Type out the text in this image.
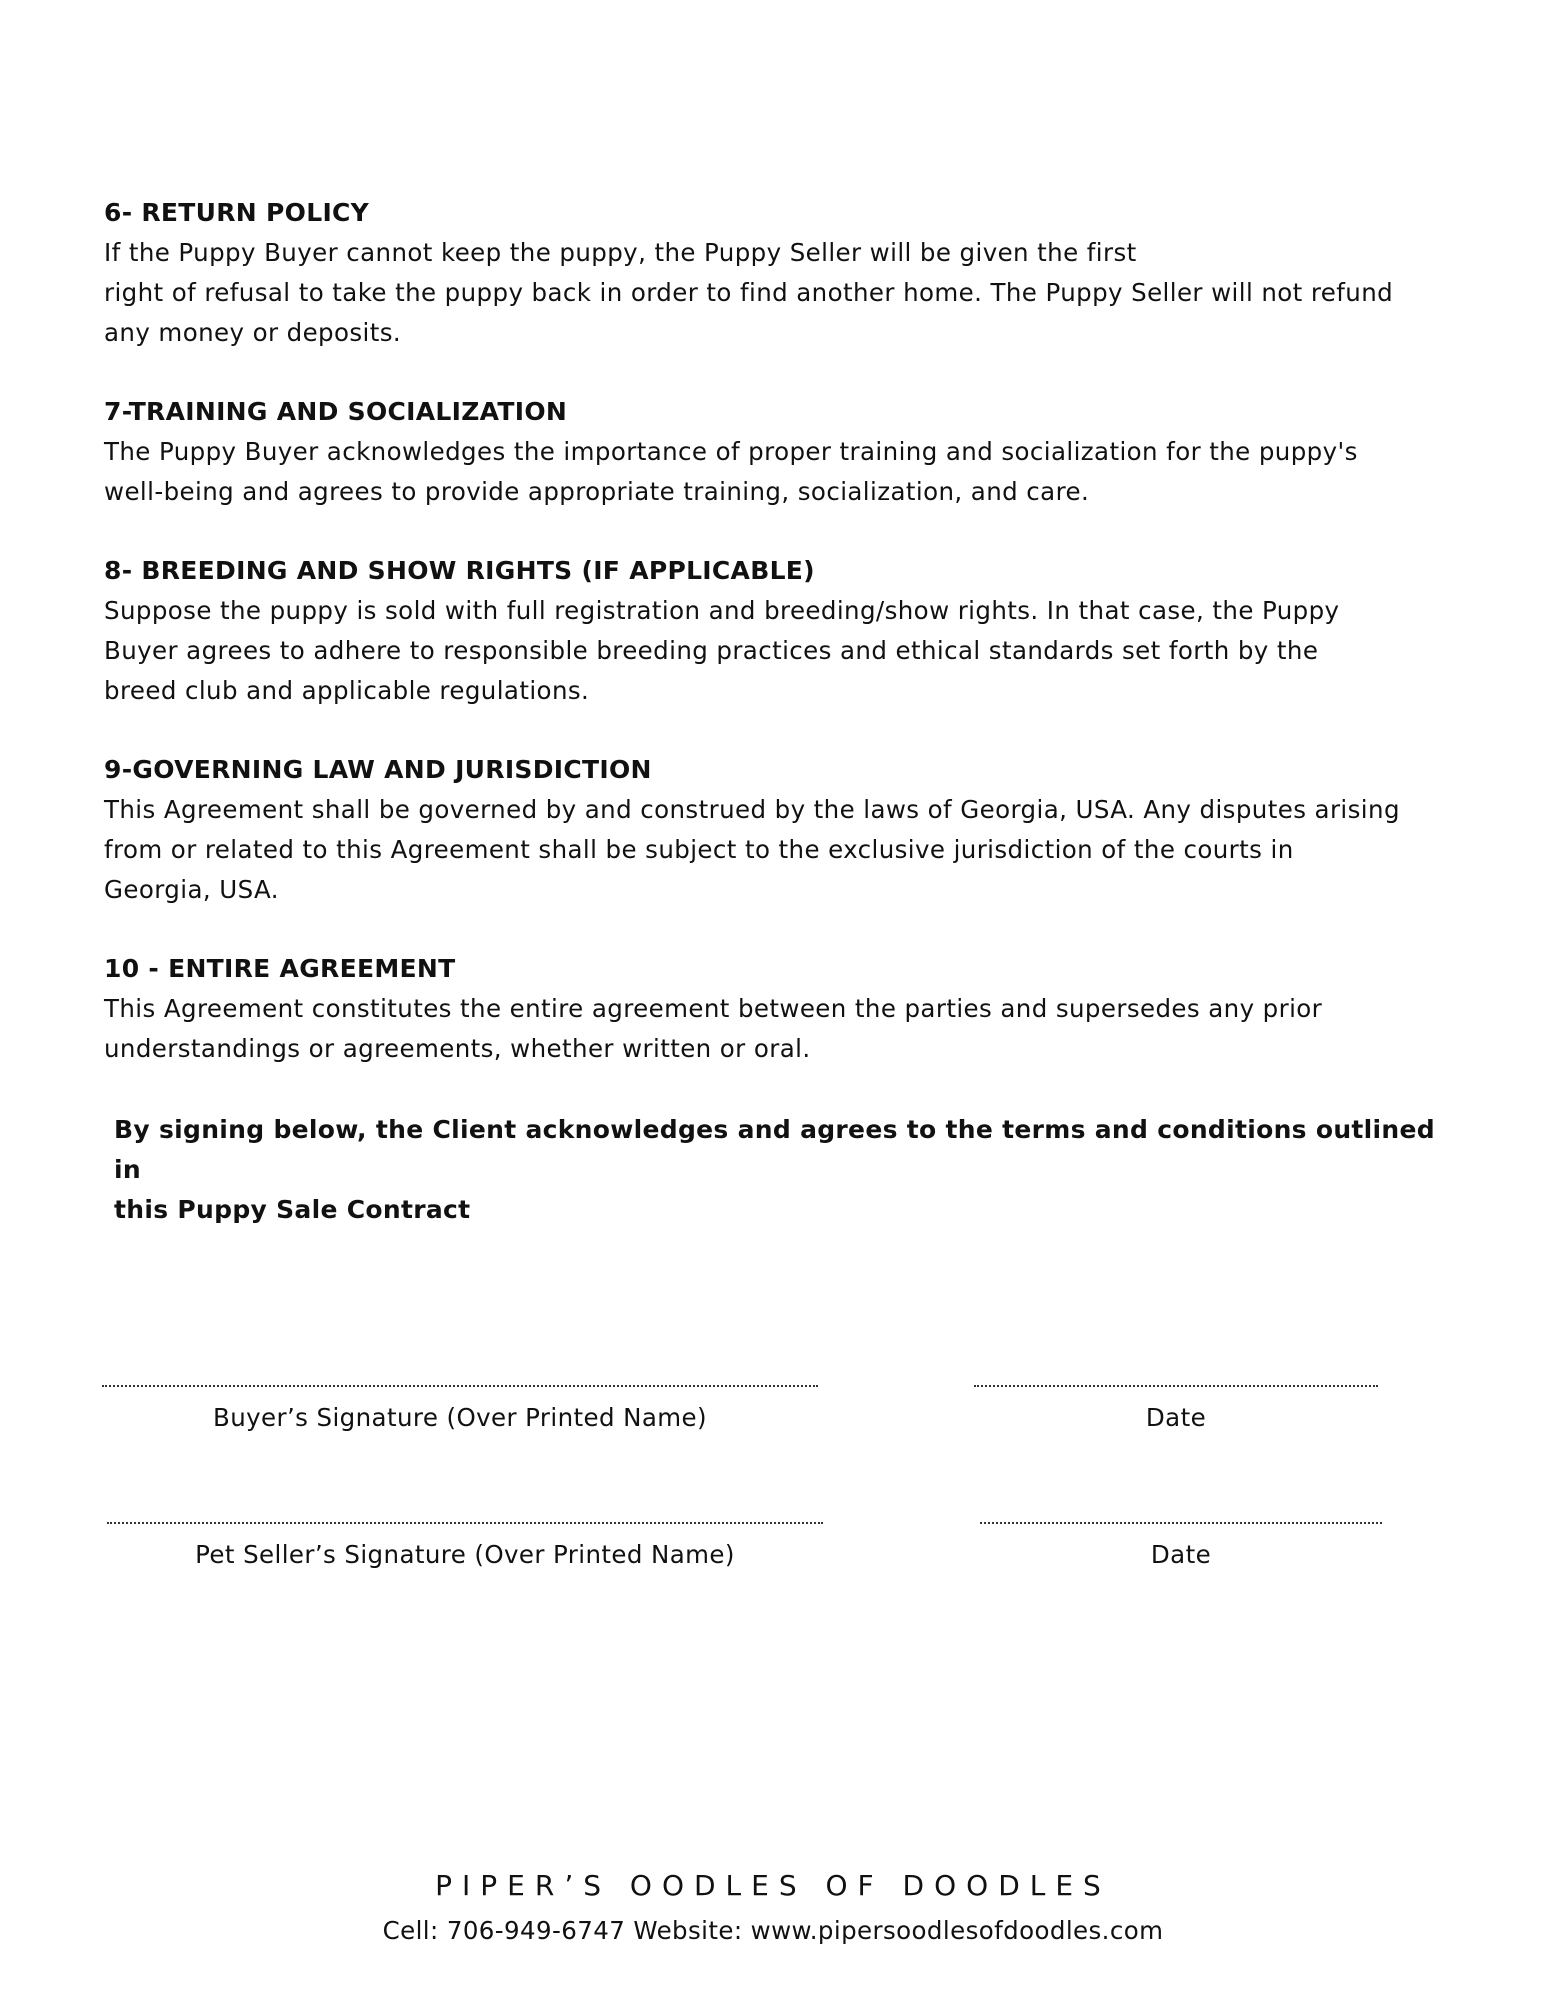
6- RETURN POLICY

If the Puppy Buyer cannot keep the puppy, the Puppy Seller will be given the first
right of refusal to take the puppy back in order to find another home. The Puppy Seller will not refund
any money or deposits.

7-TRAINING AND SOCIALIZATION

The Puppy Buyer acknowledges the importance of proper training and socialization for the puppy's
well-being and agrees to provide appropriate training, socialization, and care.

8- BREEDING AND SHOW RIGHTS (IF APPLICABLE)

Suppose the puppy is sold with full registration and breeding/show rights. In that case, the Puppy
Buyer agrees to adhere to responsible breeding practices and ethical standards set forth by the
breed club and applicable regulations.

9-GOVERNING LAW AND JURISDICTION

This Agreement shall be governed by and construed by the laws of Georgia, USA. Any disputes arising
from or related to this Agreement shall be subject to the exclusive jurisdiction of the courts in
Georgia, USA.

10 - ENTIRE AGREEMENT

This Agreement constitutes the entire agreement between the parties and supersedes any prior
understandings or agreements, whether written or oral.

By signing below, the Client acknowledges and agrees to the terms and conditions outlined in
this Puppy Sale Contract

Buyer’s Signature (Over Printed Name)	Date
Pet Seller’s Signature (Over Printed Name)	Date
PIPER’S OODLES OF DOODLES
Cell: 706-949-6747 Website: www.pipersoodlesofdoodles.com
